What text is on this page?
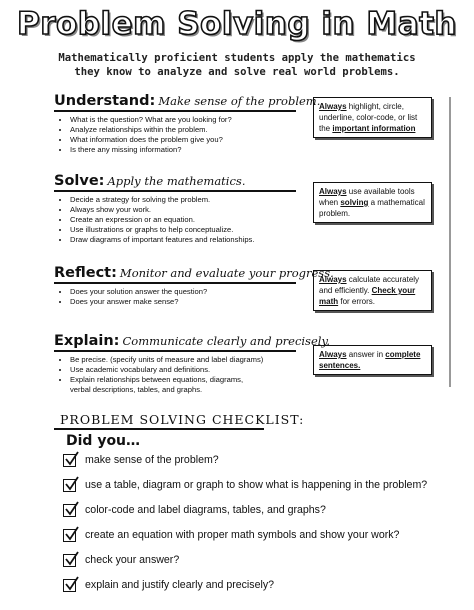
Problem Solving in Math
Mathematically proficient students apply the mathematics
they know to analyze and solve real world problems.
Understand: Make sense of the problem.
• What is the question? What are you looking for?
• Analyze relationships within the problem.
• What information does the problem give you?
• Is there any missing information?
Always highlight, circle, underline, color-code, or list the important information
Solve: Apply the mathematics.
• Decide a strategy for solving the problem.
• Always show your work.
• Create an expression or an equation.
• Use illustrations or graphs to help conceptualize.
• Draw diagrams of important features and relationships.
Always use available tools when solving a mathematical problem.
Reflect: Monitor and evaluate your progress.
• Does your solution answer the question?
• Does your answer make sense?
Always calculate accurately and efficiently. Check your math for errors.
Explain: Communicate clearly and precisely.
• Be precise. (specify units of measure and label diagrams)
• Use academic vocabulary and definitions.
• Explain relationships between equations, diagrams,
verbal descriptions, tables, and graphs.
Always answer in complete sentences.
PROBLEM SOLVING CHECKLIST:
Did you…
make sense of the problem?
use a table, diagram or graph to show what is happening in the problem?
color-code and label diagrams, tables, and graphs?
create an equation with proper math symbols and show your work?
check your answer?
explain and justify clearly and precisely?
